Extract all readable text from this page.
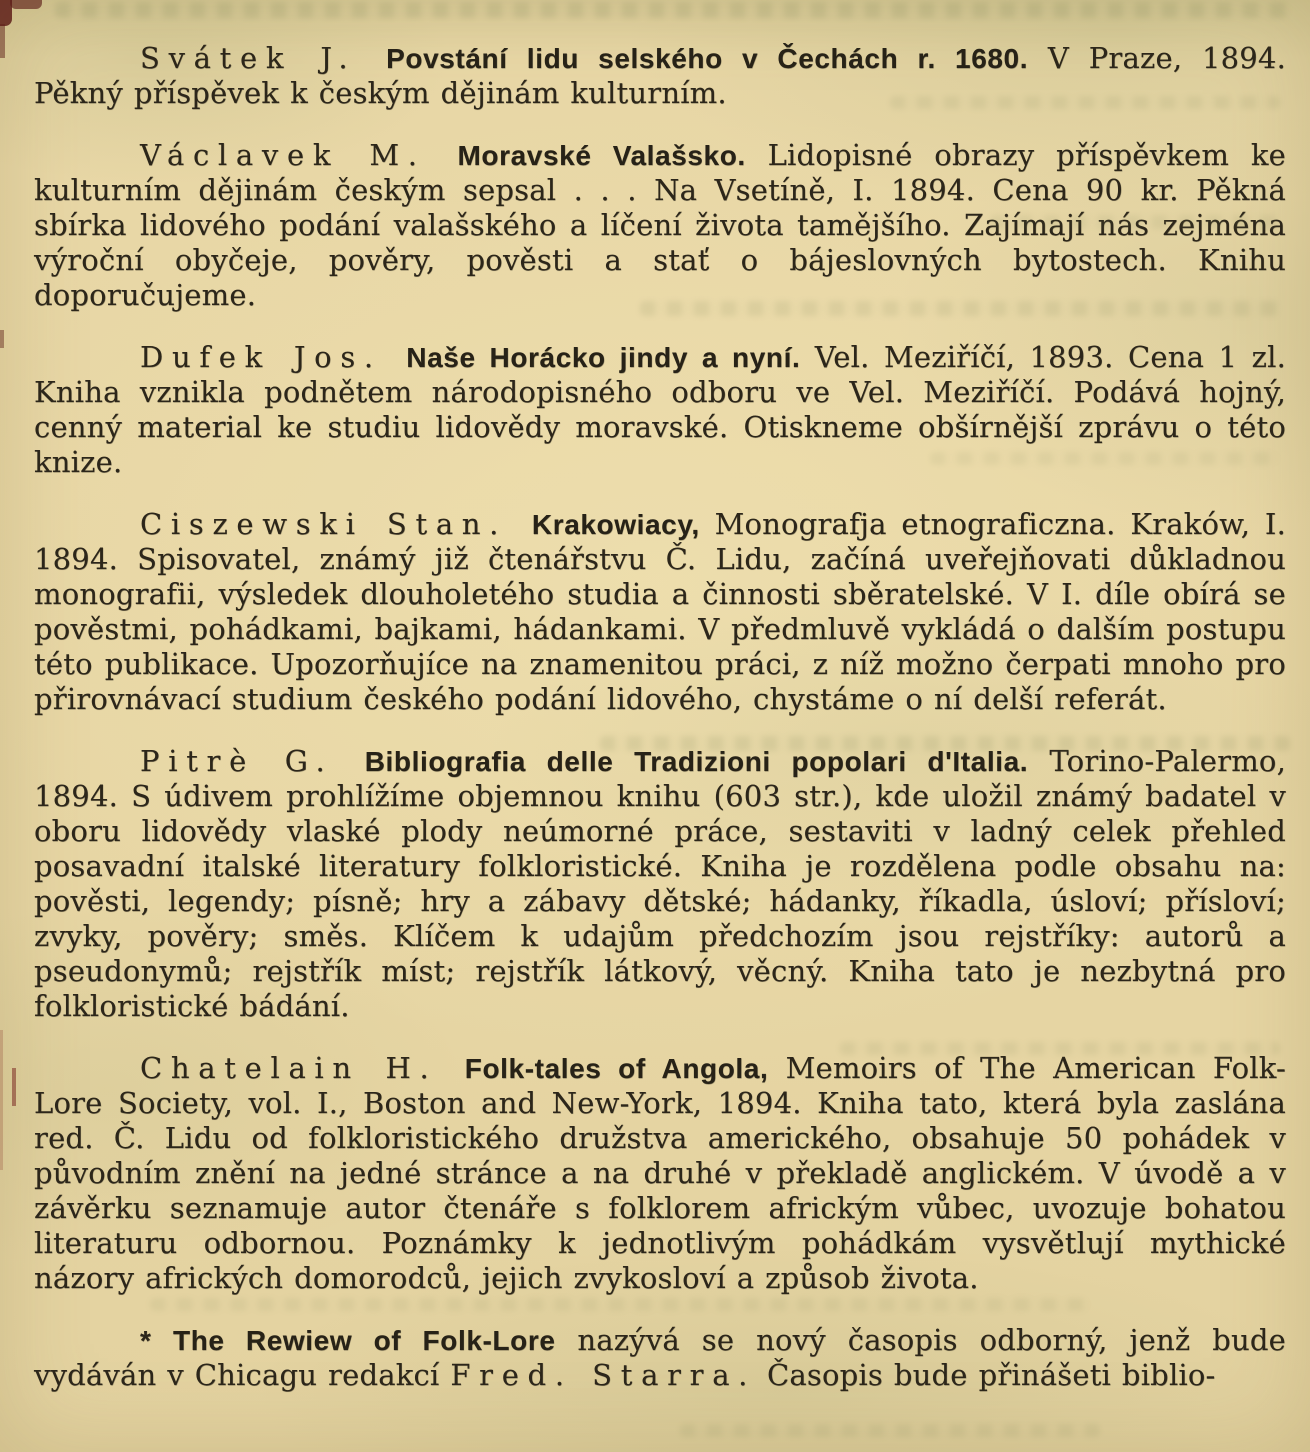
Svátek J. Povstání lidu selského v Čechách r. 1680. V Praze, 1894. Pěkný příspěvek k českým dějinám kulturním.

Václavek M. Moravské Valašsko. Lidopisné obrazy příspěvkem ke kulturním dějinám českým sepsal . . . Na Vsetíně, I. 1894. Cena 90 kr. Pěkná sbírka lidového podání valašského a líčení života tamějšího. Zajímají nás zejména výroční obyčeje, pověry, pověsti a stať o bájeslovných bytostech. Knihu doporučujeme.

Dufek Jos. Naše Horácko jindy a nyní. Vel. Meziříčí, 1893. Cena 1 zl. Kniha vznikla podnětem národopisného odboru ve Vel. Meziříčí. Podává hojný, cenný material ke studiu lidovědy moravské. Otiskneme obšírnější zprávu o této knize.

Ciszewski Stan. Krakowiacy, Monografja etnograficzna. Kraków, I. 1894. Spisovatel, známý již čtenářstvu Č. Lidu, začíná uveřejňovati důkladnou monografii, výsledek dlouholetého studia a činnosti sběratelské. V I. díle obírá se pověstmi, pohádkami, bajkami, hádankami. V předmluvě vykládá o dalším postupu této publikace. Upozorňujíce na znamenitou práci, z níž možno čerpati mnoho pro přirovnávací studium českého podání lidového, chystáme o ní delší referát.

Pitrè G. Bibliografia delle Tradizioni popolari d'Italia. Torino-Palermo, 1894. S údivem prohlížíme objemnou knihu (603 str.), kde uložil známý badatel v oboru lidovědy vlaské plody neúmorné práce, sestaviti v ladný celek přehled posavadní italské literatury folkloristické. Kniha je rozdělena podle obsahu na: pověsti, legendy; písně; hry a zábavy dětské; hádanky, říkadla, úsloví; přísloví; zvyky, pověry; směs. Klíčem k udajům předchozím jsou rejstříky: autorů a pseudonymů; rejstřík míst; rejstřík látkový, věcný. Kniha tato je nezbytná pro folkloristické bádání.

Chatelain H. Folk-tales of Angola, Memoirs of The American Folk-Lore Society, vol. I., Boston and New-York, 1894. Kniha tato, která byla zaslána red. Č. Lidu od folkloristického družstva amerického, obsahuje 50 pohádek v původním znění na jedné stránce a na druhé v překladě anglickém. V úvodě a v závěrku seznamuje autor čtenáře s folklorem africkým vůbec, uvozuje bohatou literaturu odbornou. Poznámky k jednotlivým pohádkám vysvětlují mythické názory afrických domorodců, jejich zvykosloví a způsob života.

* The Rewiew of Folk-Lore nazývá se nový časopis odborný, jenž bude vydáván v Chicagu redakcí Fred. Starra. Časopis bude přinášeti biblio-
